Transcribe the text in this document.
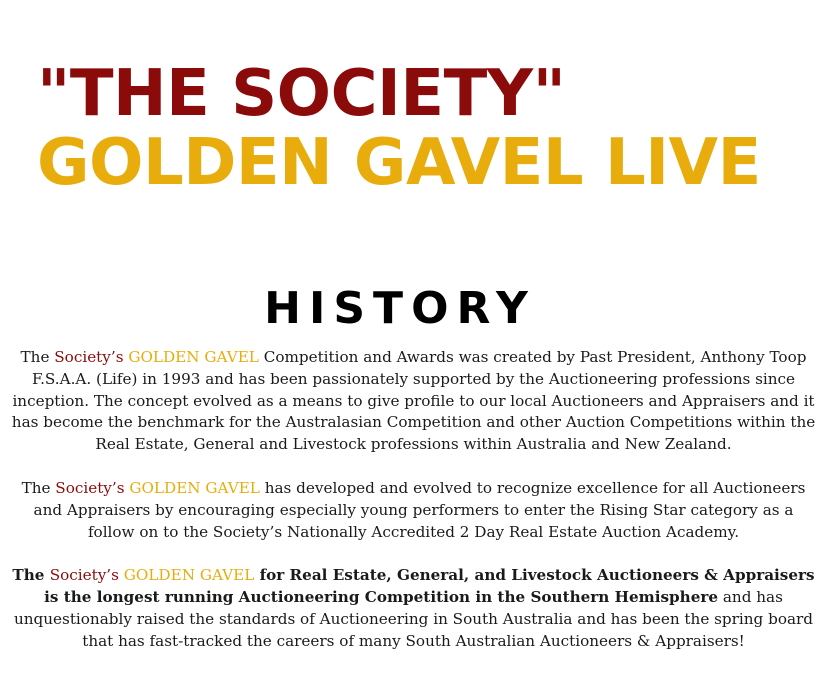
"THE SOCIETY"
GOLDEN GAVEL LIVE
HISTORY

The Society’s GOLDEN GAVEL Competition and Awards was created by Past President, Anthony Toop F.S.A.A. (Life) in 1993 and has been passionately supported by the Auctioneering professions since inception. The concept evolved as a means to give profile to our local Auctioneers and Appraisers and it has become the benchmark for the Australasian Competition and other Auction Competitions within the Real Estate, General and Livestock professions within Australia and New Zealand.

The Society’s GOLDEN GAVEL has developed and evolved to recognize excellence for all Auctioneers and Appraisers by encouraging especially young performers to enter the Rising Star category as a follow on to the Society’s Nationally Accredited 2 Day Real Estate Auction Academy.

The Society’s GOLDEN GAVEL for Real Estate, General, and Livestock Auctioneers & Appraisers is the longest running Auctioneering Competition in the Southern Hemisphere and has unquestionably raised the standards of Auctioneering in South Australia and has been the spring board that has fast-tracked the careers of many South Australian Auctioneers & Appraisers!
